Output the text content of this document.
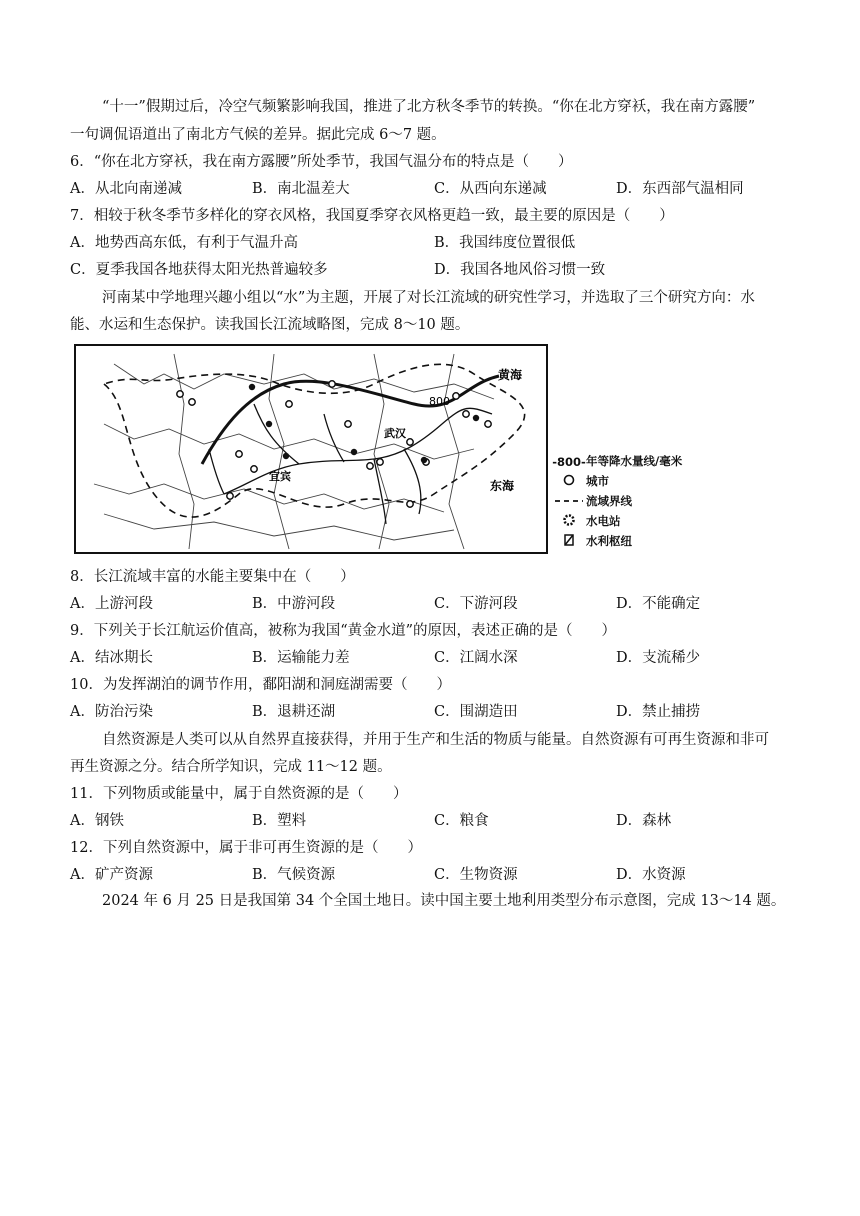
“十一”假期过后，冷空气频繁影响我国，推进了北方秋冬季节的转换。“你在北方穿袄，我在南方露腰”
一句调侃语道出了南北方气候的差异。据此完成 6～7 题。
6．“你在北方穿袄，我在南方露腰”所处季节，我国气温分布的特点是（　　）
A．从北向南递减	B．南北温差大	C．从西向东递减	D．东西部气温相同
7．相较于秋冬季节多样化的穿衣风格，我国夏季穿衣风格更趋一致，最主要的原因是（　　）
A．地势西高东低，有利于气温升高	B．我国纬度位置很低
C．夏季我国各地获得太阳光热普遍较多	D．我国各地风俗习惯一致
河南某中学地理兴趣小组以“水”为主题，开展了对长江流域的研究性学习，并选取了三个研究方向：水
能、水运和生态保护。读我国长江流域略图，完成 8～10 题。
800
黄海
东海
武汉
宜宾
-800-年等降水量线/毫米
城市
流域界线
水电站
水利枢纽
8．长江流域丰富的水能主要集中在（　　）
A．上游河段	B．中游河段	C．下游河段	D．不能确定
9．下列关于长江航运价值高，被称为我国“黄金水道”的原因，表述正确的是（　　）
A．结冰期长	B．运输能力差	C．江阔水深	D．支流稀少
10．为发挥湖泊的调节作用，鄱阳湖和洞庭湖需要（　　）
A．防治污染	B．退耕还湖	C．围湖造田	D．禁止捕捞
自然资源是人类可以从自然界直接获得，并用于生产和生活的物质与能量。自然资源有可再生资源和非可
再生资源之分。结合所学知识，完成 11～12 题。
11．下列物质或能量中，属于自然资源的是（　　）
A．钢铁	B．塑料	C．粮食	D．森林
12．下列自然资源中，属于非可再生资源的是（　　）
A．矿产资源	B．气候资源	C．生物资源	D．水资源
2024 年 6 月 25 日是我国第 34 个全国土地日。读中国主要土地利用类型分布示意图，完成 13～14 题。
